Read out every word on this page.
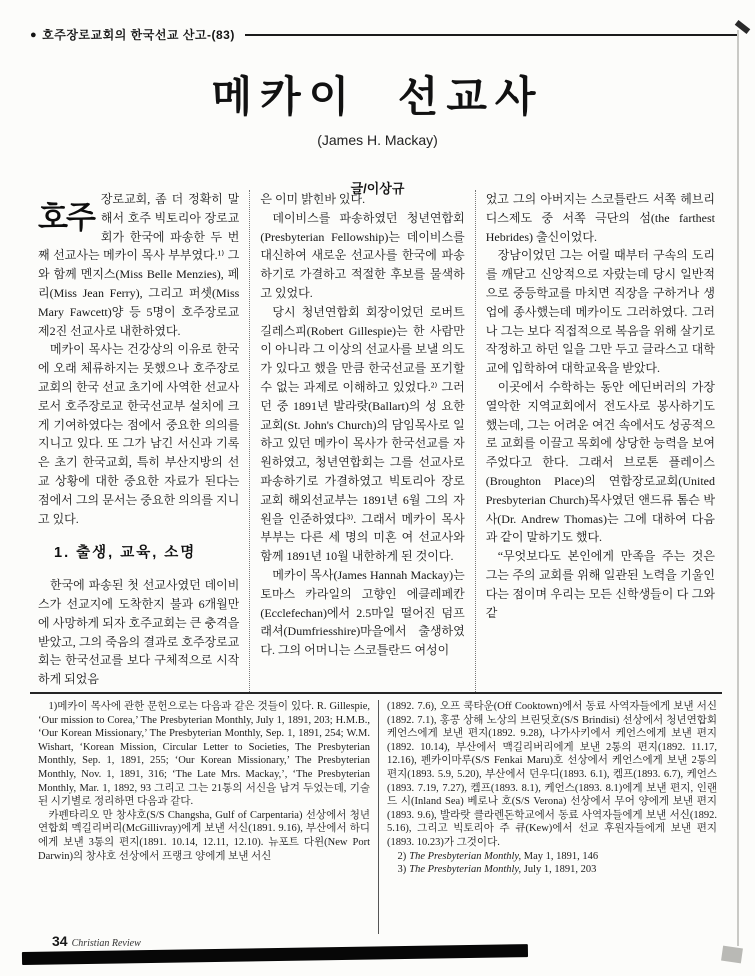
● 호주장로교회의 한국선교 산고-(83)
메카이 선교사
(James H. Mackay)
글/이상규

호주
장로교회, 좀 더 정확히 말해서 호주 빅토리아 장로교회가 한국에 파송한 두 번째 선교사는 메카이 목사 부부였다.¹⁾ 그와 함께 멘지스(Miss Belle Menzies), 페리(Miss Jean Ferry), 그리고 퍼셋(Miss Mary Fawcett)양 등 5명이 호주장로교 제2진 선교사로 내한하였다.

메카이 목사는 건강상의 이유로 한국에 오래 체류하지는 못했으나 호주장로교회의 한국 선교 초기에 사역한 선교사로서 호주장로교 한국선교부 설치에 크게 기여하였다는 점에서 중요한 의의를 지니고 있다. 또 그가 남긴 서신과 기록은 초기 한국교회, 특히 부산지방의 선교 상황에 대한 중요한 자료가 된다는 점에서 그의 문서는 중요한 의의를 지니고 있다.

1. 출생, 교육, 소명

한국에 파송된 첫 선교사였던 데이비스가 선교지에 도착한지 불과 6개월만에 사망하게 되자 호주교회는 큰 충격을 받았고, 그의 죽음의 결과로 호주장로교회는 한국선교를 보다 구체적으로 시작하게 되었음

은 이미 밝힌바 있다.

데이비스를 파송하였던 청년연합회(Presbyterian Fellowship)는 데이비스를 대신하여 새로운 선교사를 한국에 파송하기로 가결하고 적절한 후보를 물색하고 있었다.

당시 청년연합회 회장이었던 로버트 길레스피(Robert Gillespie)는 한 사람만이 아니라 그 이상의 선교사를 보낼 의도가 있다고 했을 만큼 한국선교를 포기할 수 없는 과제로 이해하고 있었다.²⁾ 그러던 중 1891년 발라랏(Ballart)의 성 요한교회(St. John's Church)의 담임목사로 일하고 있던 메카이 목사가 한국선교를 자원하였고, 청년연합회는 그를 선교사로 파송하기로 가결하였고 빅토리아 장로교회 해외선교부는 1891년 6월 그의 자원을 인준하였다³⁾. 그래서 메카이 목사 부부는 다른 세 명의 미혼 여 선교사와 함께 1891년 10월 내한하게 된 것이다.

메카이 목사(James Hannah Mackay)는 토마스 카라일의 고향인 에클레페칸(Ecclefechan)에서 2.5마일 떨어진 덤프래셔(Dumfriesshire)마을에서 출생하였다. 그의 어머니는 스코틀란드 여성이

었고 그의 아버지는 스코틀란드 서쪽 헤브리디스제도 중 서쪽 극단의 섬(the farthest Hebrides) 출신이었다.

장남이었던 그는 어릴 때부터 구속의 도리를 깨닫고 신앙적으로 자랐는데 당시 일반적으로 중등학교를 마치면 직장을 구하거나 생업에 종사했는데 메카이도 그러하였다. 그러나 그는 보다 직접적으로 복음을 위해 살기로 작정하고 하던 일을 그만 두고 글라스고 대학교에 입학하여 대학교육을 받았다.

이곳에서 수학하는 동안 에딘버러의 가장 열악한 지역교회에서 전도사로 봉사하기도 했는데, 그는 어려운 여건 속에서도 성공적으로 교회를 이끌고 목회에 상당한 능력을 보여 주었다고 한다. 그래서 브로톤 플레이스(Broughton Place)의 연합장로교회(United Presbyterian Church)목사였던 앤드류 톰슨 박사(Dr. Andrew Thomas)는 그에 대하여 다음과 같이 말하기도 했다.

“무엇보다도 본인에게 만족을 주는 것은 그는 주의 교회를 위해 일관된 노력을 기울인다는 점이며 우리는 모든 신학생들이 다 그와같

1)메카이 목사에 관한 문헌으로는 다음과 같은 것들이 있다. R. Gillespie, ‘Our mission to Corea,’ The Presbyterian Monthly, July 1, 1891, 203; H.M.B., ‘Our Korean Missionary,’ The Presbyterian Monthly, Sep. 1, 1891, 254; W.M. Wishart, ‘Korean Mission, Circular Letter to Societies, The Presbyterian Monthly, Sep. 1, 1891, 255; ‘Our Korean Missionary,’ The Presbyterian Monthly, Nov. 1, 1891, 316; ‘The Late Mrs. Mackay,’, ‘The Presbyterian Monthly, Mar. 1, 1892, 93 그리고 그는 21통의 서신을 남겨 두었는데, 기술된 시기별로 정리하면 다음과 같다.

카펜타리오 만 창샤호(S/S Changsha, Gulf of Carpentaria) 선상에서 청년연합회 멕길리버리(McGillivray)에게 보낸 서신(1891. 9.16), 부산에서 하디에게 보낸 3통의 편지(1891. 10.14, 12.11, 12.10). 뉴포트 다윈(New Port Darwin)의 창샤호 선상에서 프랭크 양에게 보낸 서신

(1892. 7.6), 오프 쿡타운(Off Cooktown)에서 동료 사역자들에게 보낸 서신(1892. 7.1), 홍콩 상해 노상의 브린딧호(S/S Brindisi) 선상에서 청년연합회 케언스에게 보낸 편지(1892. 9.28), 나가사키에서 케언스에게 보낸 편지(1892. 10.14), 부산에서 맥길리버리에게 보낸 2통의 편지(1892. 11.17, 12.16), 펜카이마루(S/S Fenkai Maru)호 선상에서 케언스에게 보낸 2통의 편지(1893. 5.9, 5.20), 부산에서 던우디(1893. 6.1), 켐프(1893. 6.7), 케언스(1893. 7.19, 7.27), 켐프(1893. 8.1), 케언스(1893. 8.1)에게 보낸 편지, 인랜드 시(Inland Sea) 베로나 호(S/S Verona) 선상에서 무어 양에게 보낸 편지(1893. 9.6), 발라랏 클라렌돈학교에서 동료 사역자들에게 보낸 서신(1892. 5.16), 그리고 빅토리아 주 큐(Kew)에서 선교 후원자들에게 보낸 편지(1893. 10.23)가 그것이다.

2) The Presbyterian Monthly, May 1, 1891, 146

3) The Presbyterian Monthly, July 1, 1891, 203

34 Christian Review
